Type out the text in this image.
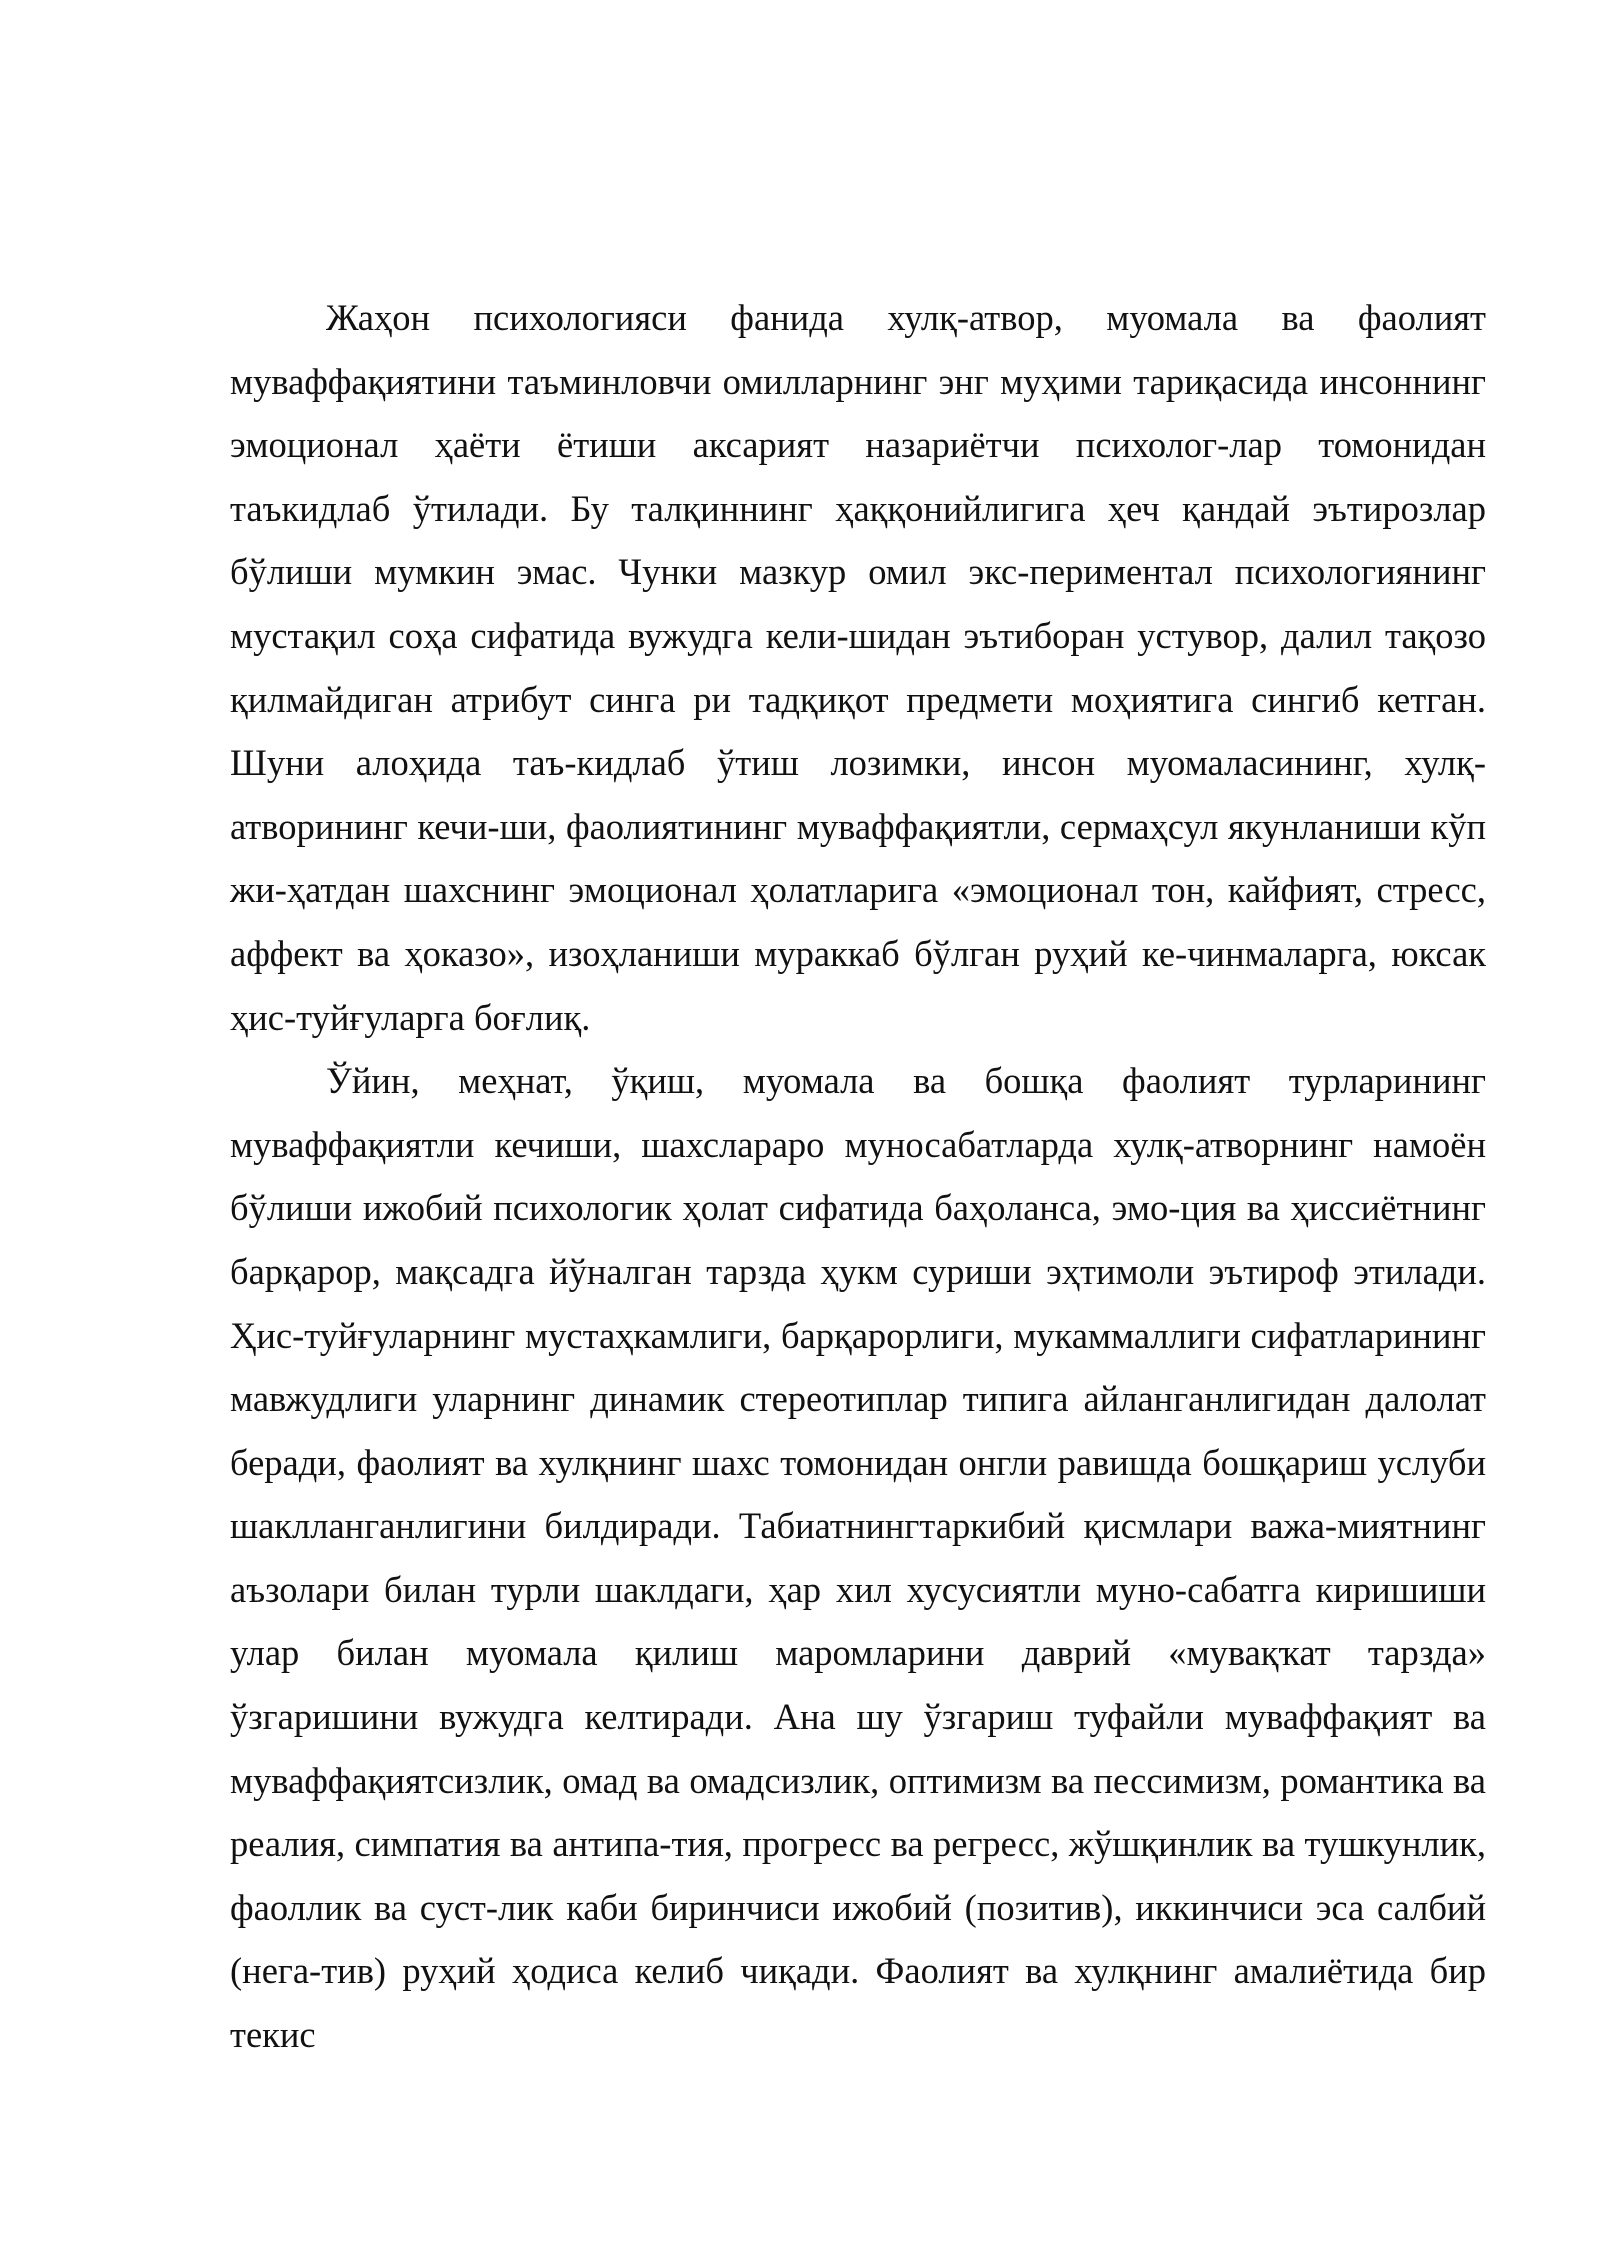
Жаҳон психологияси фанида хулқ-атвор, муомала ва фаолият муваффақиятини таъминловчи омилларнинг энг муҳими тариқасида инсоннинг эмоционал ҳаёти ётиши аксарият назариётчи психолог-лар томонидан таъкидлаб ўтилади. Бу талқиннинг ҳаққонийлигига ҳеч қандай эътирозлар бўлиши мумкин эмас. Чунки мазкур омил экс-периментал психологиянинг мустақил соҳа сифатида вужудга кели-шидан эътиборан устувор, далил тақозо қилмайдиган атрибут синга ри тадқиқот предмети моҳиятига сингиб кетган. Шуни алоҳида таъ-кидлаб ўтиш лозимки, инсон муомаласининг, хулқ-атворининг кечи-ши, фаолиятининг муваффақиятли, сермаҳсул якунланиши кўп жи-ҳатдан шахснинг эмоционал ҳолатларига «эмоционал тон, кайфият, стресс, аффект ва ҳоказо», изоҳланиши мураккаб бўлган руҳий ке-чинмаларга, юксак ҳис-туйғуларга боғлиқ.

Ўйин, меҳнат, ўқиш, муомала ва бошқа фаолият турларининг муваффақиятли кечиши, шахслараро муносабатларда хулқ-атворнинг намоён бўлиши ижобий психологик ҳолат сифатида баҳоланса, эмо-ция ва ҳиссиётнинг барқарор, мақсадга йўналган тарзда ҳукм суриши эҳтимоли эътироф этилади. Ҳис-туйғуларнинг мустаҳкамлиги, барқарорлиги, мукаммаллиги сифатларининг мавжудлиги уларнинг динамик стереотиплар типига айланганлигидан далолат беради, фаолият ва хулқнинг шахс томонидан онгли равишда бошқариш услуби шаклланганлигини билдиради. Табиатнингтаркибий қисмлари важа-миятнинг аъзолари билан турли шаклдаги, ҳар хил хусусиятли муно-сабатга киришиши улар билан муомала қилиш маромларини даврий «мувақҡат тарзда» ўзгаришини вужудга келтиради. Ана шу ўзгариш туфайли муваффақият ва муваффақиятсизлик, омад ва омадсизлик, оптимизм ва пессимизм, романтика ва реалия, симпатия ва антипа-тия, прогресс ва регресс, жўшқинлик ва тушкунлик, фаоллик ва суст-лик каби биринчиси ижобий (позитив), иккинчиси эса салбий (нега-тив) руҳий ҳодиса келиб чиқади. Фаолият ва хулқнинг амалиётида бир текис
